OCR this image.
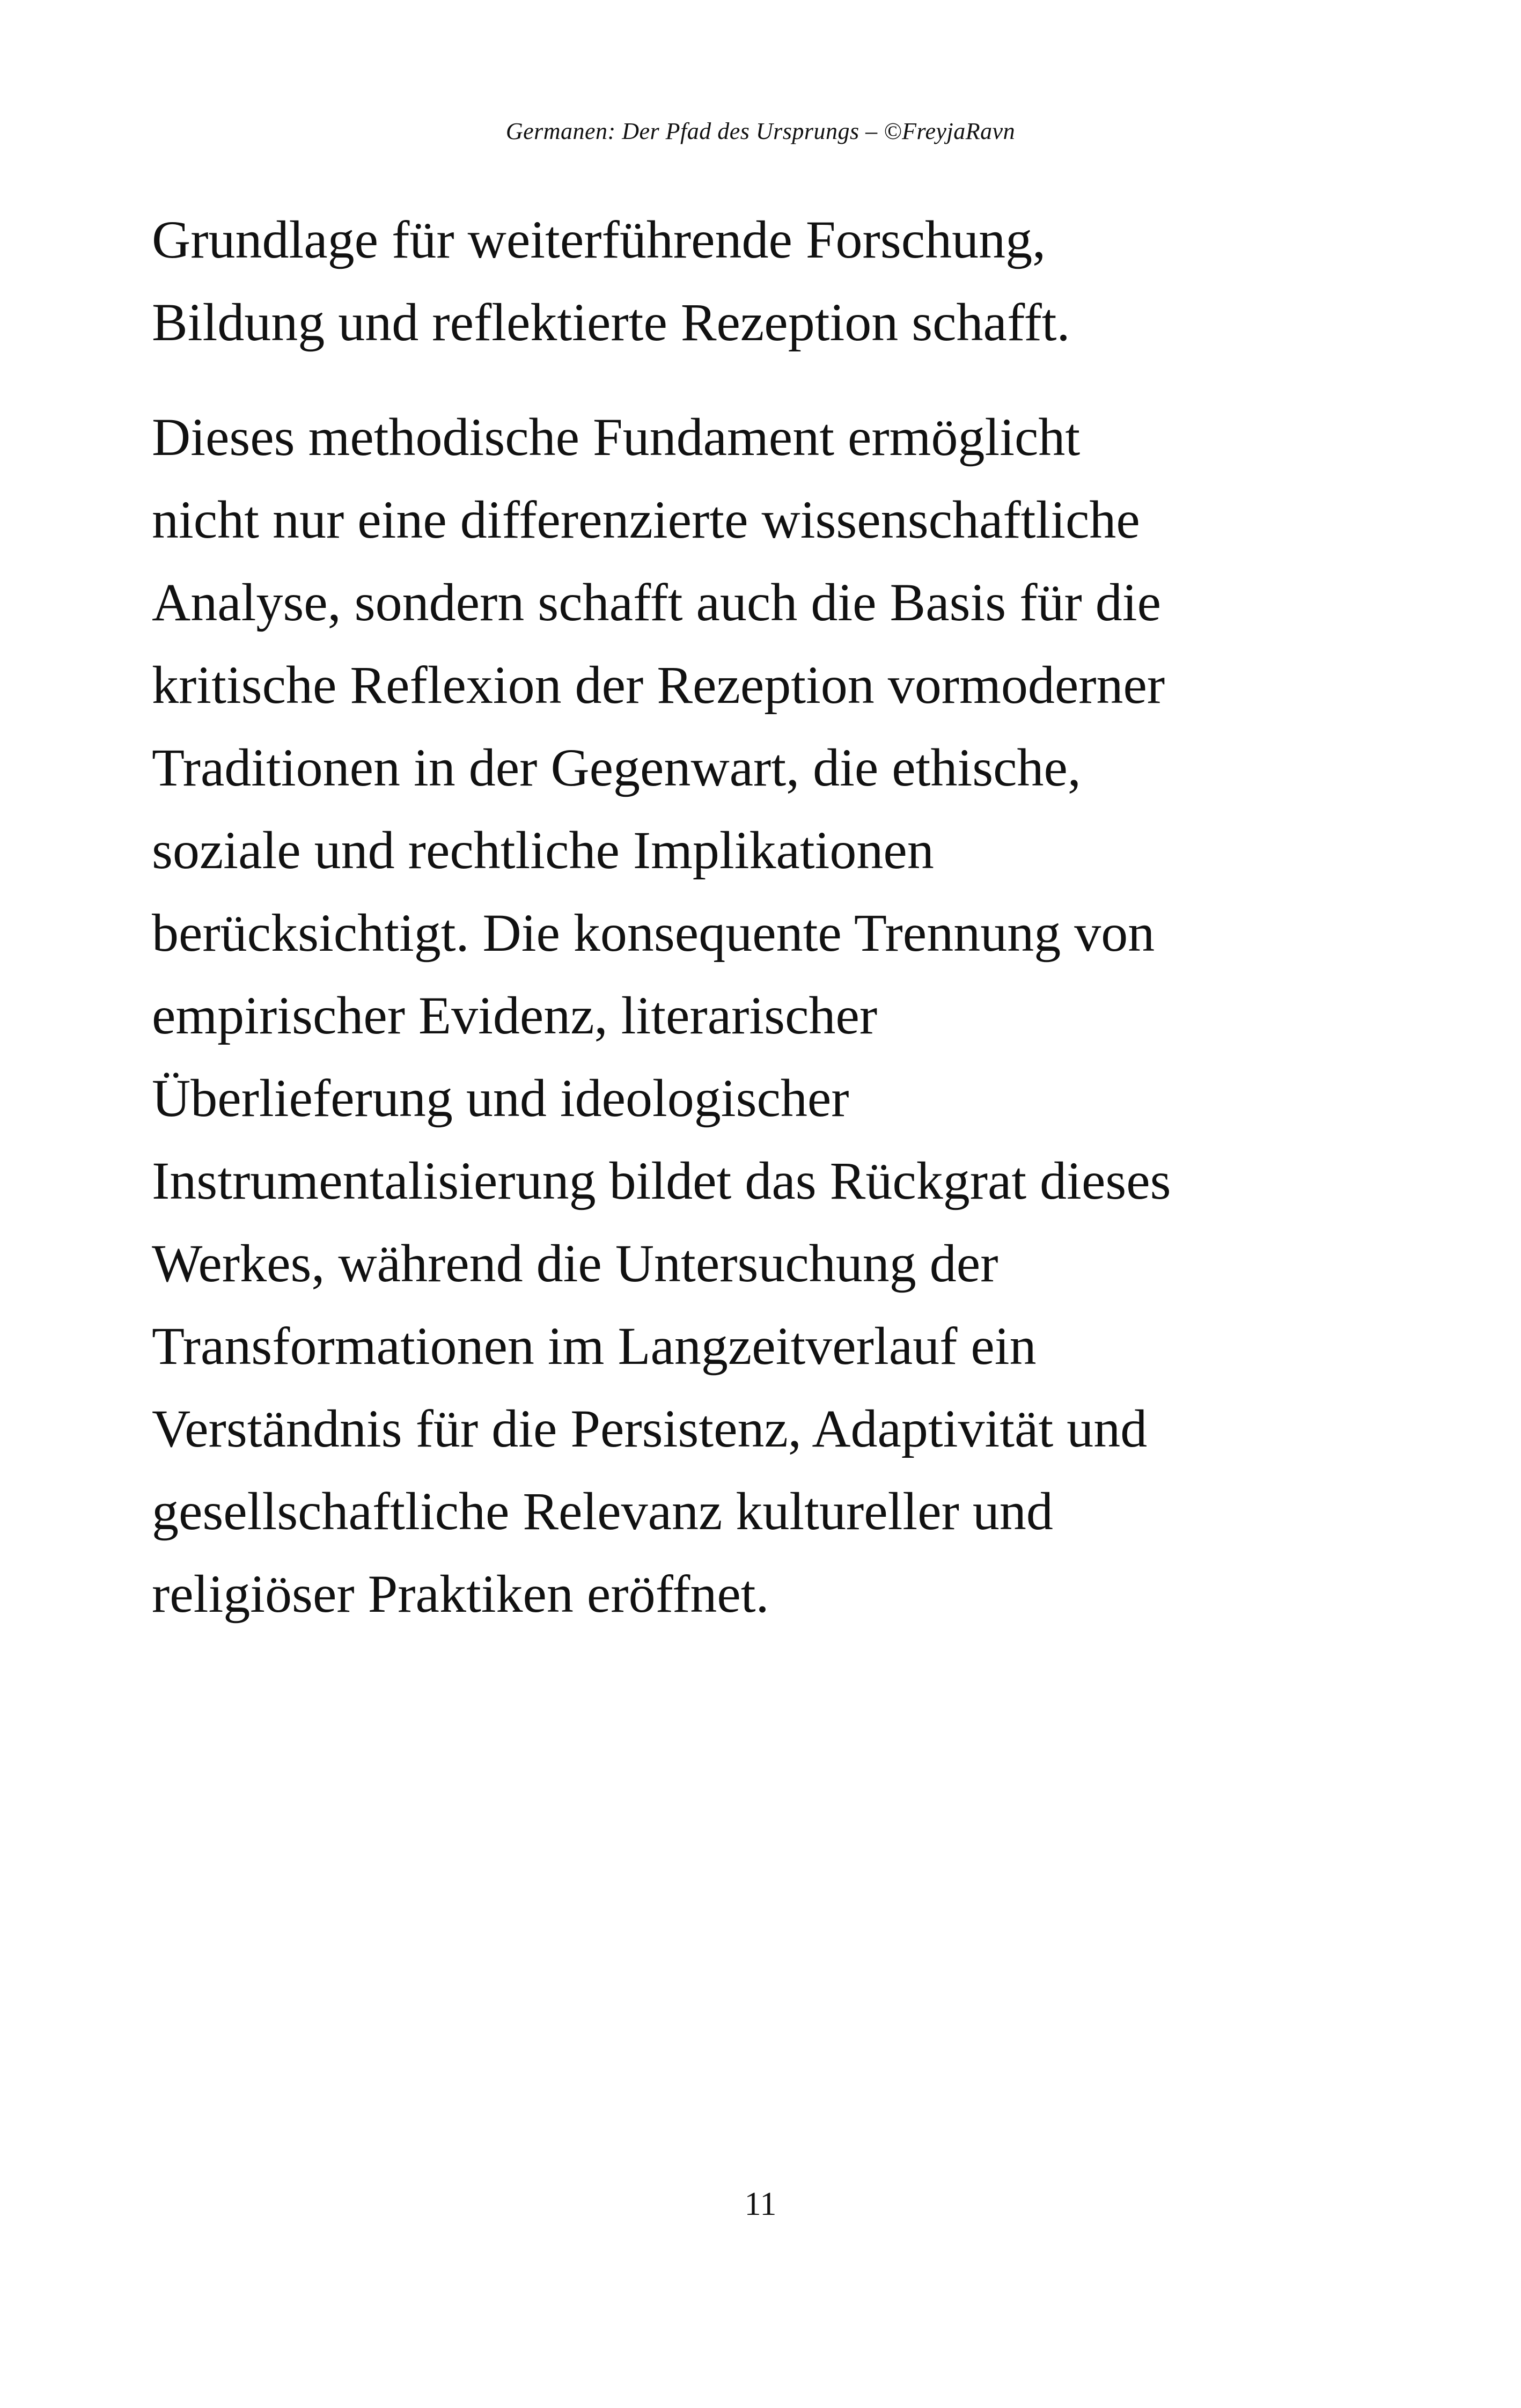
Germanen: Der Pfad des Ursprungs – ©FreyjaRavn

Grundlage für weiterführende Forschung,
Bildung und reflektierte Rezeption schafft.

Dieses methodische Fundament ermöglicht
nicht nur eine differenzierte wissenschaftliche
Analyse, sondern schafft auch die Basis für die
kritische Reflexion der Rezeption vormoderner
Traditionen in der Gegenwart, die ethische,
soziale und rechtliche Implikationen
berücksichtigt. Die konsequente Trennung von
empirischer Evidenz, literarischer
Überlieferung und ideologischer
Instrumentalisierung bildet das Rückgrat dieses
Werkes, während die Untersuchung der
Transformationen im Langzeitverlauf ein
Verständnis für die Persistenz, Adaptivität und
gesellschaftliche Relevanz kultureller und
religiöser Praktiken eröffnet.

11
